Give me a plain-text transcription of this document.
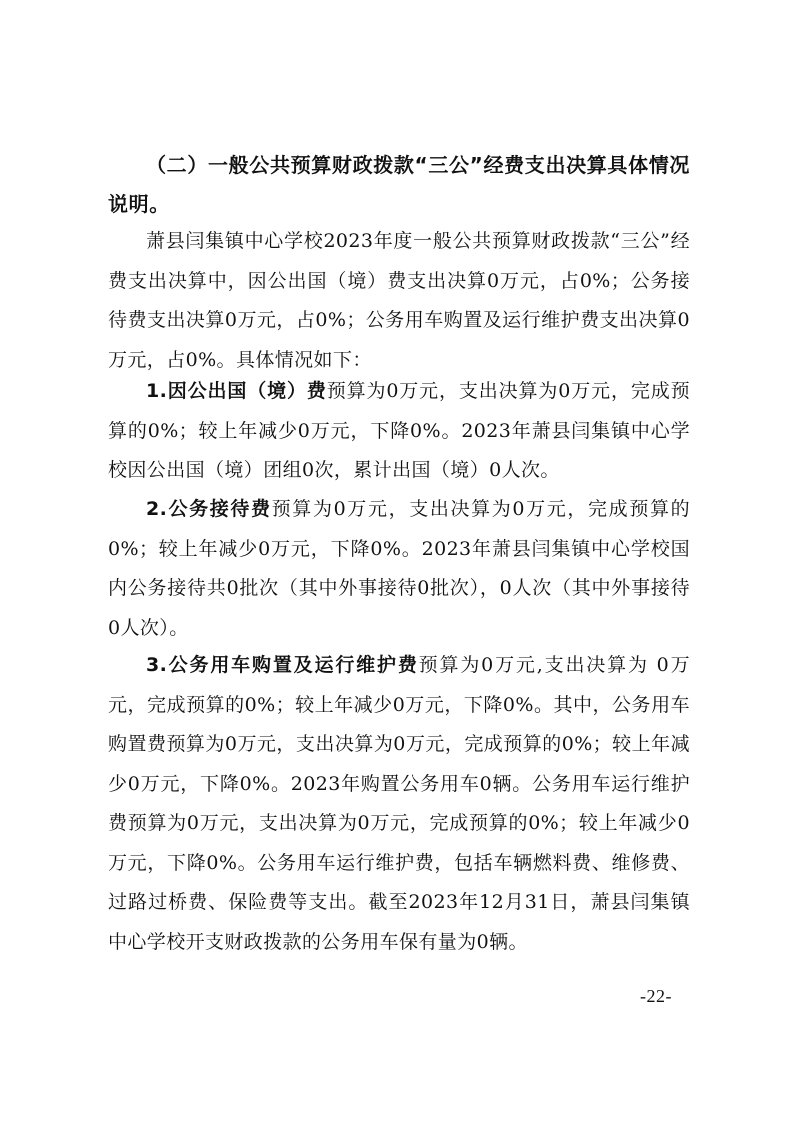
（二）一般公共预算财政拨款“三公”经费支出决算具体情况说明。

萧县闫集镇中心学校2023年度一般公共预算财政拨款“三公”经费支出决算中，因公出国（境）费支出决算0万元，占0%；公务接待费支出决算0万元，占0%；公务用车购置及运行维护费支出决算0万元，占0%。具体情况如下：

1.因公出国（境）费预算为0万元，支出决算为0万元，完成预算的0%；较上年减少0万元，下降0%。2023年萧县闫集镇中心学校因公出国（境）团组0次，累计出国（境）0人次。

2.公务接待费预算为0万元，支出决算为0万元，完成预算的0%；较上年减少0万元，下降0%。2023年萧县闫集镇中心学校国内公务接待共0批次（其中外事接待0批次），0人次（其中外事接待0人次）。

3.公务用车购置及运行维护费预算为0万元,支出决算为 0万元，完成预算的0%；较上年减少0万元，下降0%。其中，公务用车购置费预算为0万元，支出决算为0万元，完成预算的0%；较上年减少0万元，下降0%。2023年购置公务用车0辆。公务用车运行维护费预算为0万元，支出决算为0万元，完成预算的0%；较上年减少0万元，下降0%。公务用车运行维护费，包括车辆燃料费、维修费、过路过桥费、保险费等支出。截至2023年12月31日，萧县闫集镇中心学校开支财政拨款的公务用车保有量为0辆。

-22-
